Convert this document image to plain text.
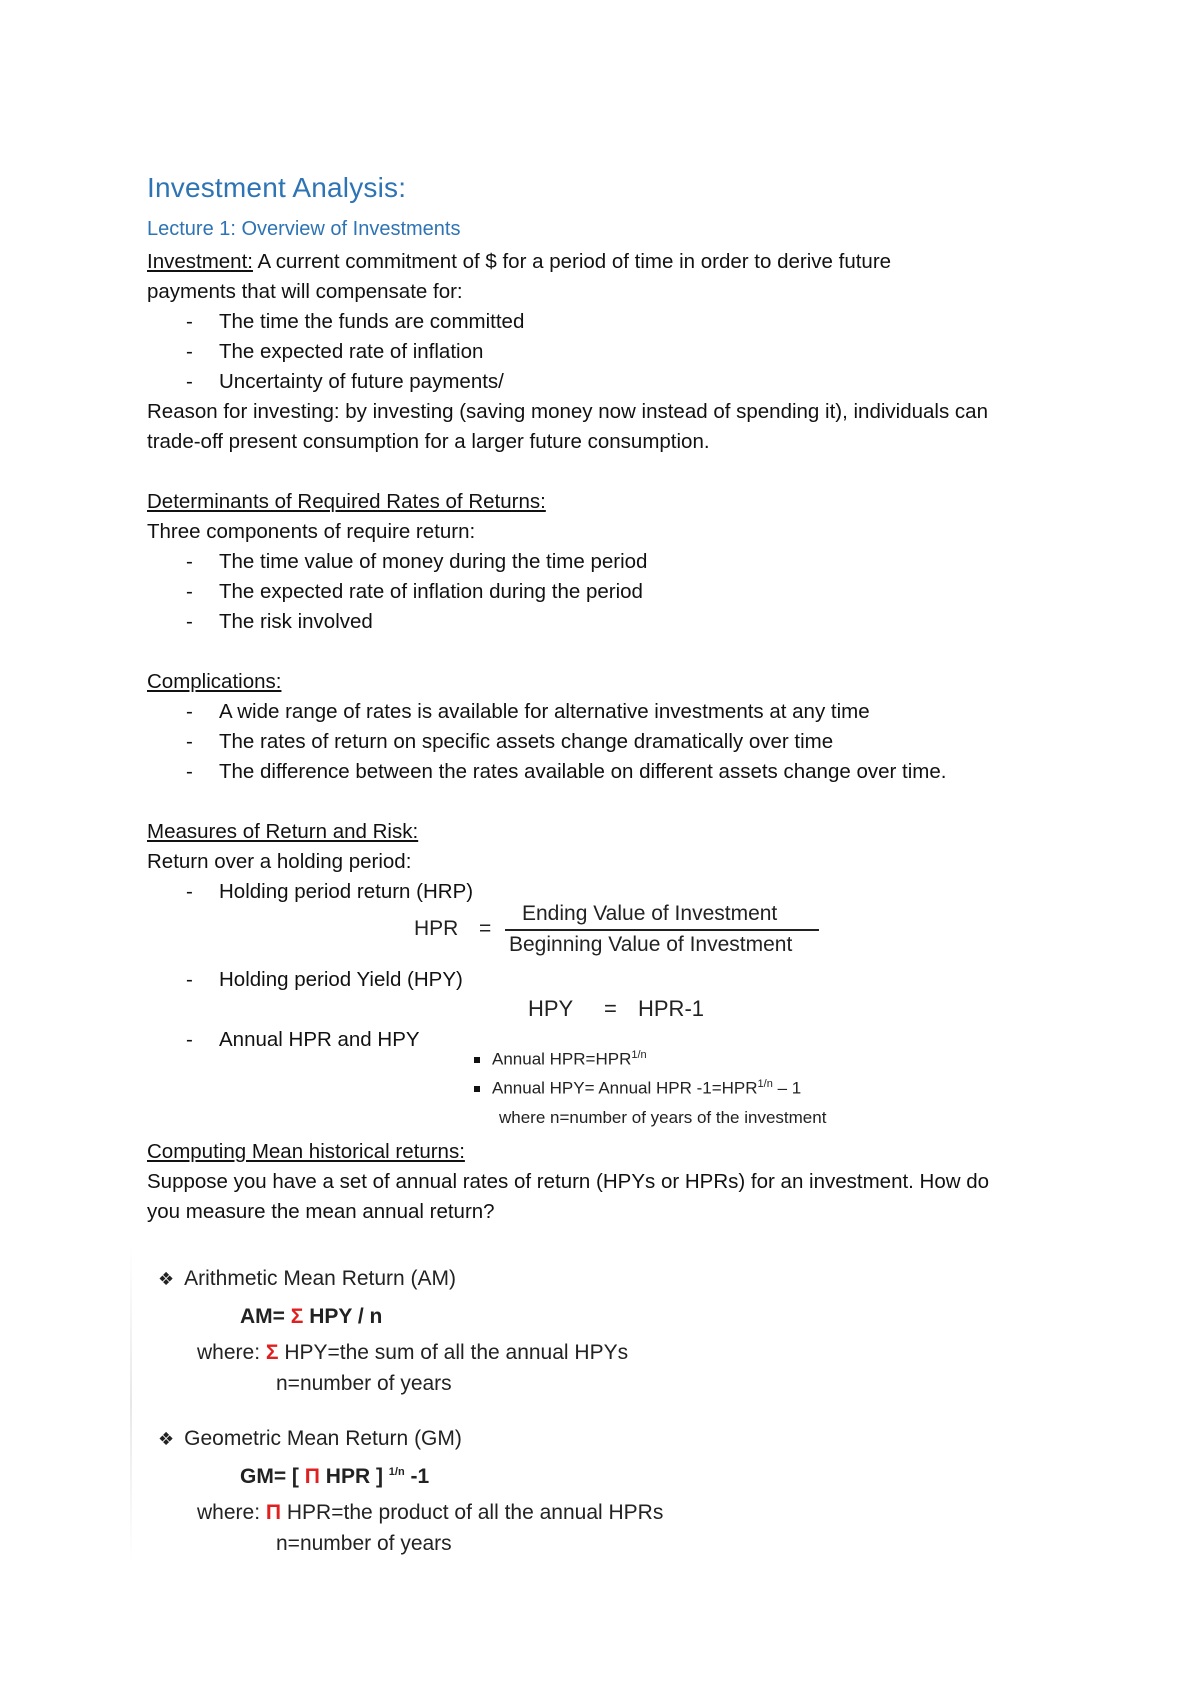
Investment Analysis:
Lecture 1: Overview of Investments
Investment: A current commitment of $ for a period of time in order to derive future
payments that will compensate for:
- The time the funds are committed
- The expected rate of inflation
- Uncertainty of future payments/
Reason for investing: by investing (saving money now instead of spending it), individuals can
trade-off present consumption for a larger future consumption.
Determinants of Required Rates of Returns:
Three components of require return:
- The time value of money during the time period
- The expected rate of inflation during the period
- The risk involved
Complications:
- A wide range of rates is available for alternative investments at any time
- The rates of return on specific assets change dramatically over time
- The difference between the rates available on different assets change over time.
Measures of Return and Risk:
Return over a holding period:
- Holding period return (HRP)
HPR =
Ending Value of Investment
Beginning Value of Investment
- Holding period Yield (HPY)
HPY = HPR-1
- Annual HPR and HPY
Annual $HPR=HPR^{1/n}$
Annual HPY= Annual HPR $-1=HPR^{1/n} - 1$
where n=number of years of the investment
Computing Mean historical returns:
Suppose you have a set of annual rates of return (HPYs or HPRs) for an investment. How do
you measure the mean annual return?
❖ Arithmetic Mean Return (AM)
AM= Σ HPY / n
where: Σ HPY=the sum of all the annual HPYs
n=number of years
❖ Geometric Mean Return (GM)
GM= [ Π HPR ] $^{1/n}$ -1
where: Π HPR=the product of all the annual HPRs
n=number of years
